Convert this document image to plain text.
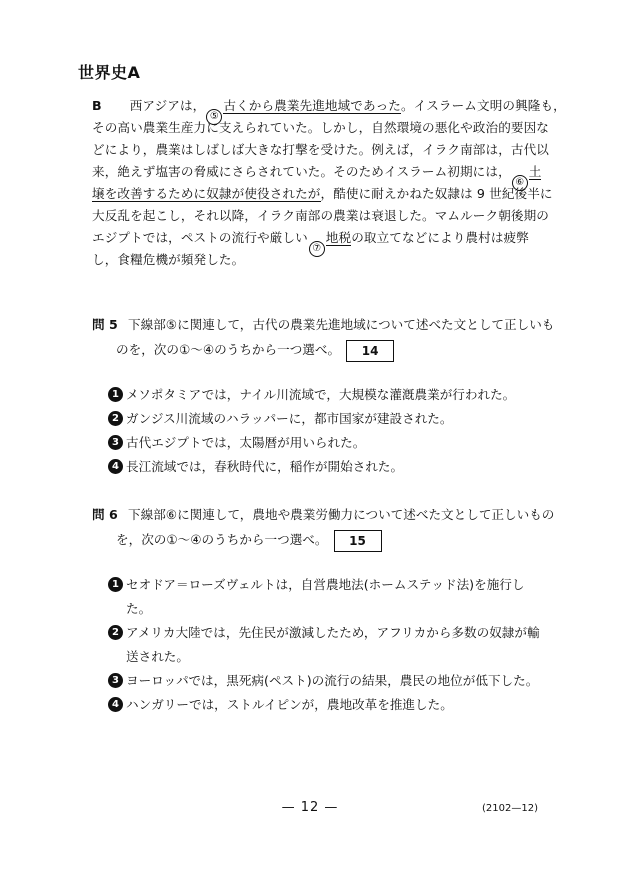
世界史A
B 西アジアは，⑤古くから農業先進地域であった。イスラーム文明の興隆も，
その高い農業生産力に支えられていた。しかし，自然環境の悪化や政治的要因な
どにより，農業はしばしば大きな打撃を受けた。例えば，イラク南部は，古代以
来，絶えず塩害の脅威にさらされていた。そのためイスラーム初期には，⑥土
壌を改善するために奴隷が使役されたが，酷使に耐えかねた奴隷は 9 世紀後半に
大反乱を起こし，それ以降，イラク南部の農業は衰退した。マムルーク朝後期の
エジプトでは，ペストの流行や厳しい⑦地税の取立てなどにより農村は疲弊
し，食糧危機が頻発した。
問 5 下線部⑤に関連して，古代の農業先進地域について述べた文として正しいも
のを，次の①～④のうちから一つ選べ。 14
1 メソポタミアでは，ナイル川流域で，大規模な灌漑農業が行われた。
2 ガンジス川流域のハラッパーに，都市国家が建設された。
3 古代エジプトでは，太陽暦が用いられた。
4 長江流域では，春秋時代に，稲作が開始された。
問 6 下線部⑥に関連して，農地や農業労働力について述べた文として正しいもの
を，次の①～④のうちから一つ選べ。 15
1 セオドア＝ローズヴェルトは，自営農地法(ホームステッド法)を施行し
た。
2 アメリカ大陸では，先住民が激減したため，アフリカから多数の奴隷が輸
送された。
3 ヨーロッパでは，黒死病(ペスト)の流行の結果，農民の地位が低下した。
4 ハンガリーでは，ストルイピンが，農地改革を推進した。
— 12 —	(2102—12)
